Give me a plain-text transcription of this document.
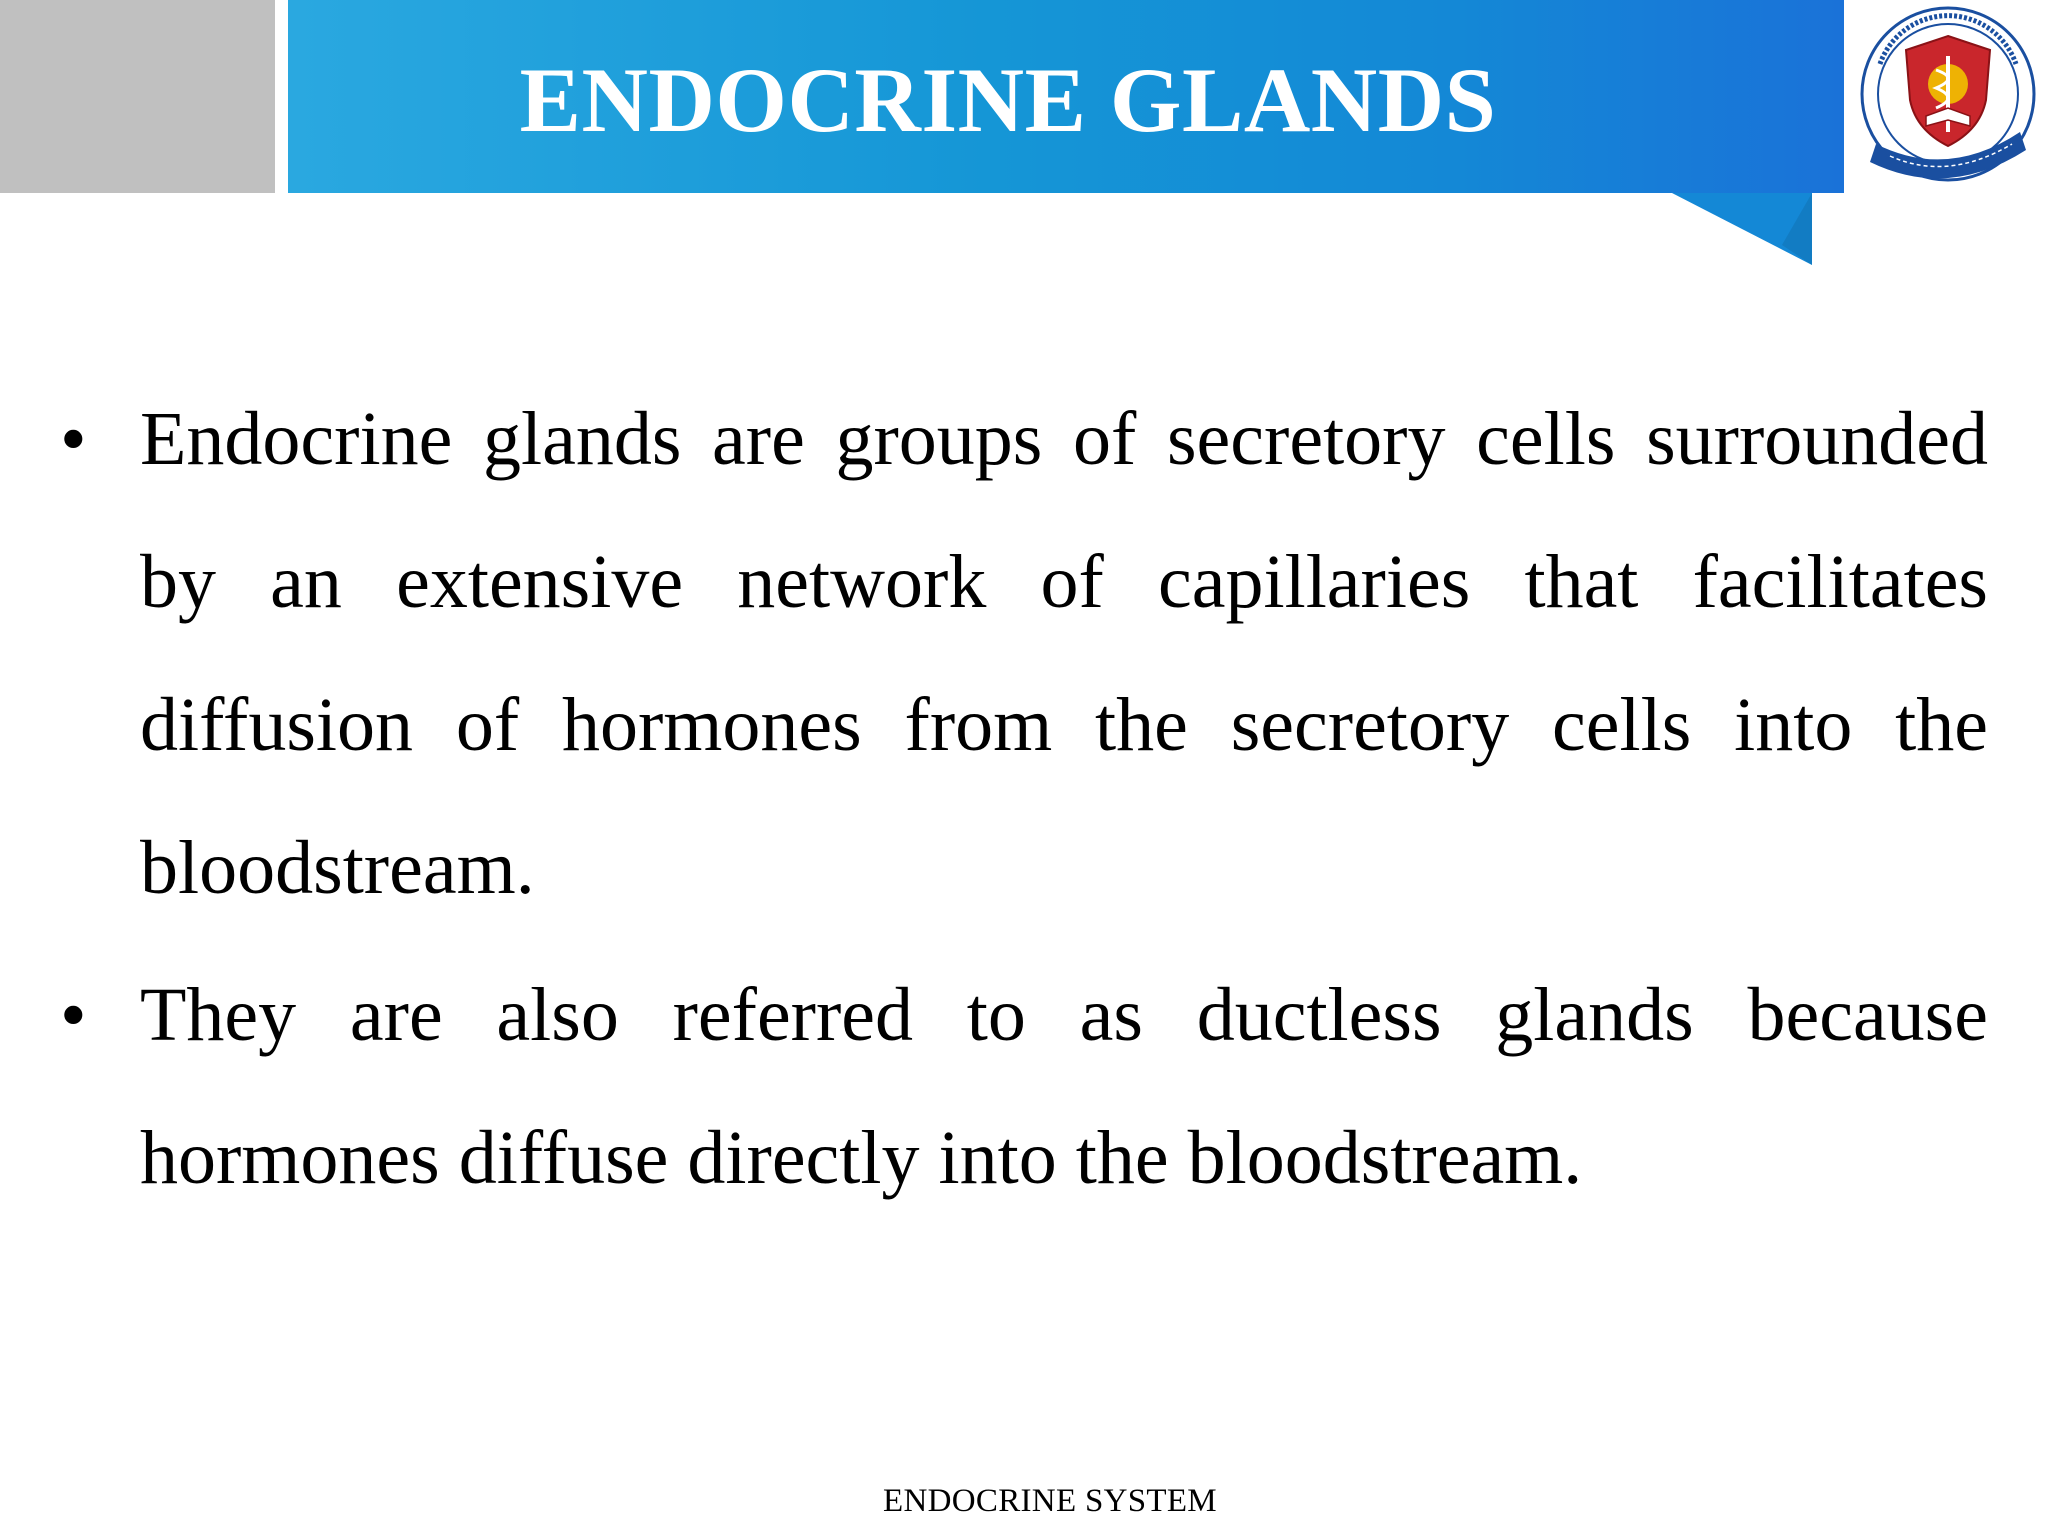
ENDOCRINE GLANDS
• Endocrine glands are groups of secretory cells surrounded by an extensive network of capillaries that facilitates diffusion of hormones from the secretory cells into the bloodstream.
• They are also referred to as ductless glands because hormones diffuse directly into the bloodstream.
ENDOCRINE SYSTEM
